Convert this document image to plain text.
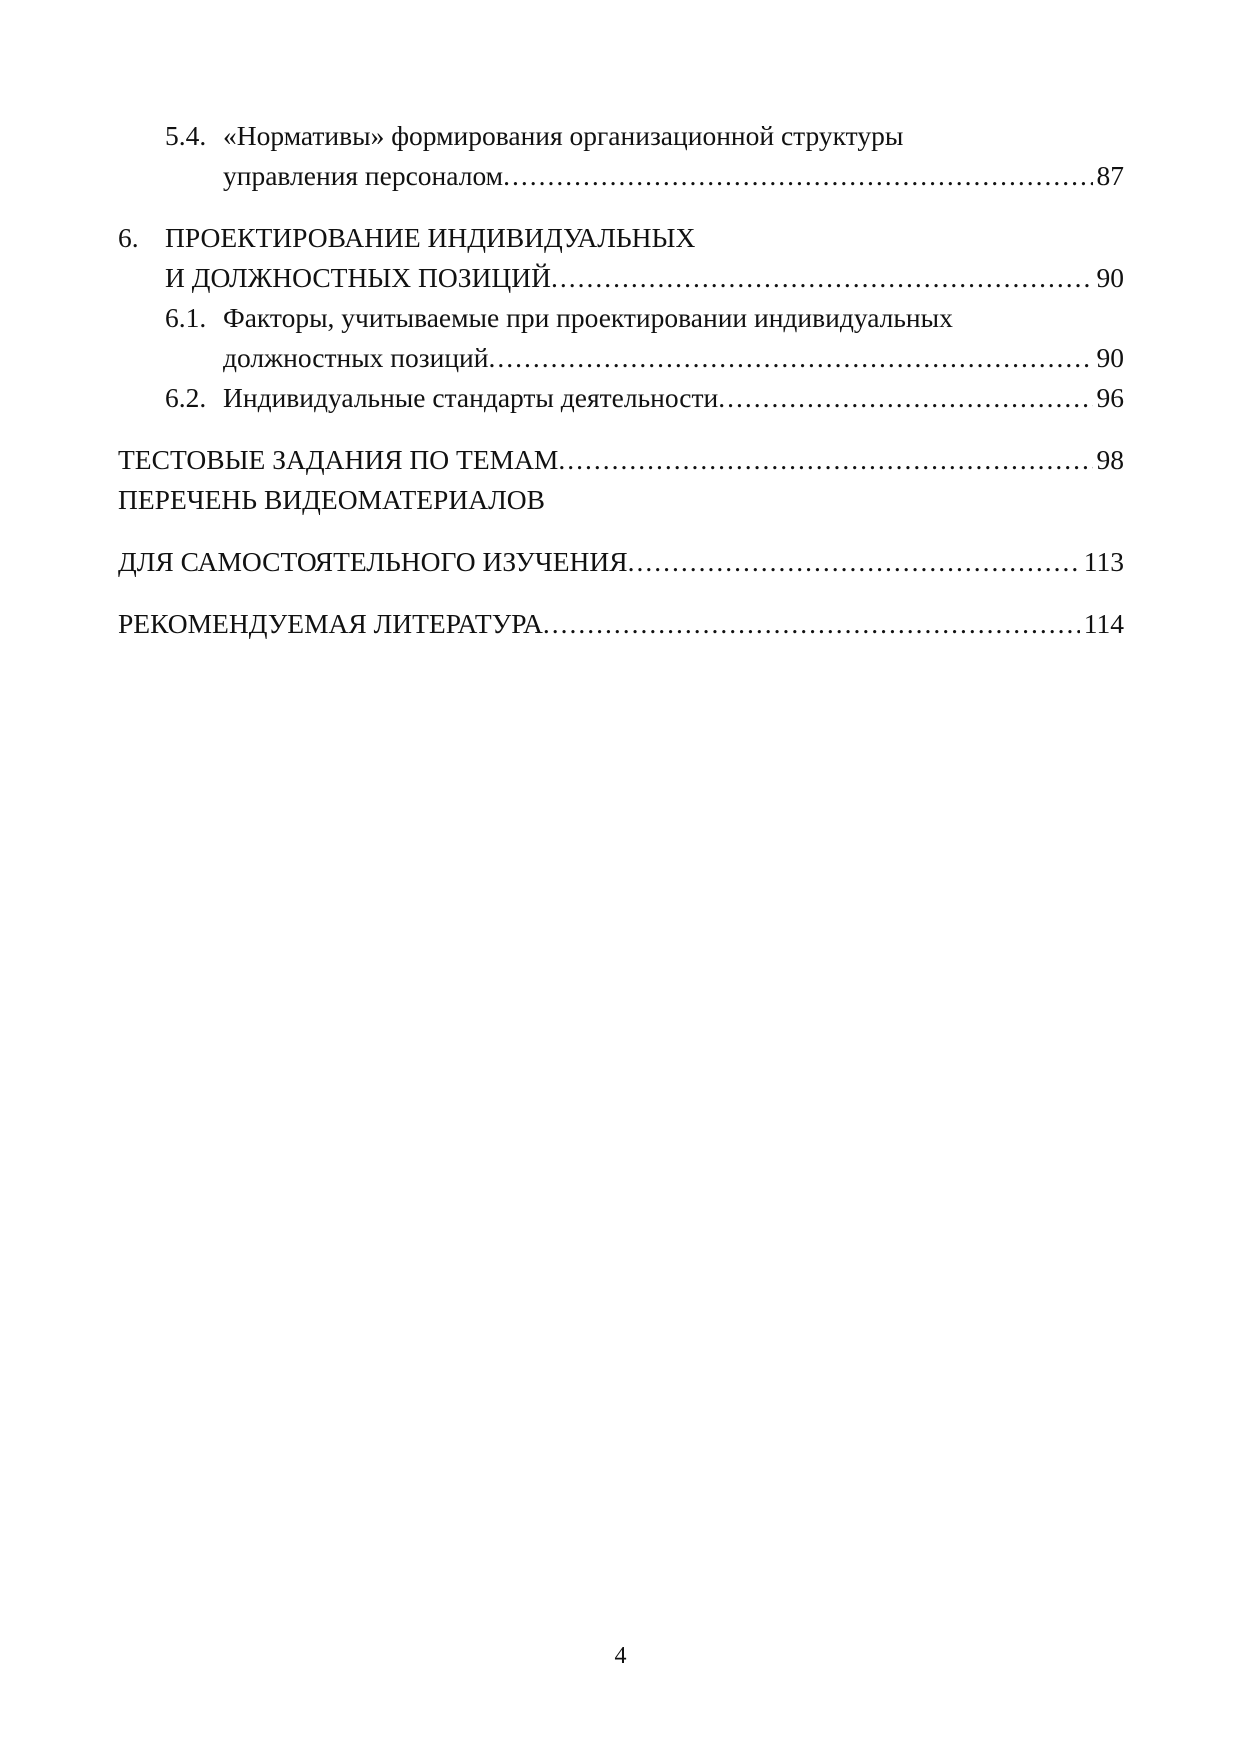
5.4. «Нормативы» формирования организационной структуры
управления персоналом .....	87
6. ПРОЕКТИРОВАНИЕ ИНДИВИДУАЛЬНЫХ
И ДОЛЖНОСТНЫХ ПОЗИЦИЙ .....	90
6.1. Факторы, учитываемые при проектировании индивидуальных
должностных позиций .....	90
6.2. Индивидуальные стандарты деятельности .....	96
ТЕСТОВЫЕ ЗАДАНИЯ ПО ТЕМАМ .....	98
ПЕРЕЧЕНЬ ВИДЕОМАТЕРИАЛОВ
ДЛЯ САМОСТОЯТЕЛЬНОГО ИЗУЧЕНИЯ .....	113
РЕКОМЕНДУЕМАЯ ЛИТЕРАТУРА .....	114
4
